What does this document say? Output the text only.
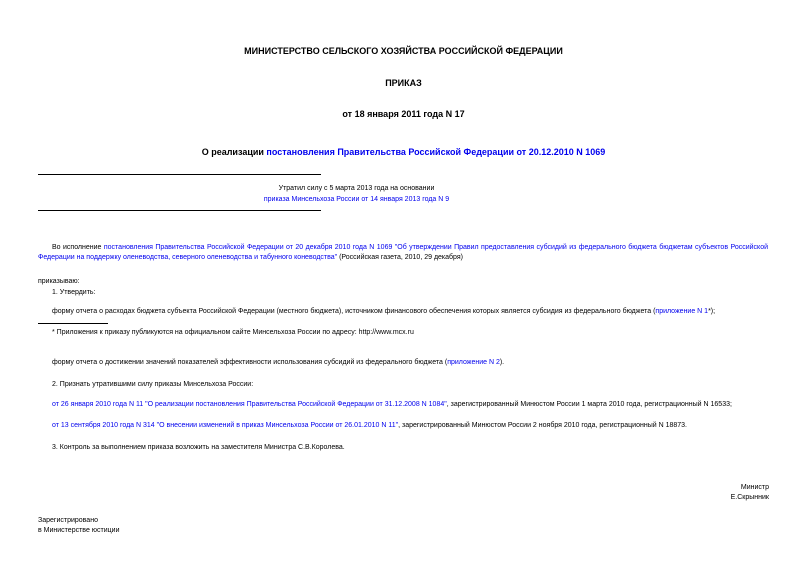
МИНИСТЕРСТВО СЕЛЬСКОГО ХОЗЯЙСТВА РОССИЙСКОЙ ФЕДЕРАЦИИ
ПРИКАЗ
от 18 января 2011 года N 17
О реализации постановления Правительства Российской Федерации от 20.12.2010 N 1069
Утратил силу с 5 марта 2013 года на основании
приказа Минсельхоза России от 14 января 2013 года N 9
Во исполнение постановления Правительства Российской Федерации от 20 декабря 2010 года N 1069 "Об утверждении Правил предоставления субсидий из федерального бюджета бюджетам субъектов Российской Федерации на поддержку оленеводства, северного оленеводства и табунного коневодства" (Российская газета, 2010, 29 декабря)
приказываю:
1. Утвердить:
форму отчета о расходах бюджета субъекта Российской Федерации (местного бюджета), источником финансового обеспечения которых является субсидия из федерального бюджета (приложение N 1*);
* Приложения к приказу публикуются на официальном сайте Минсельхоза России по адресу: http://www.mcx.ru
форму отчета о достижении значений показателей эффективности использования субсидий из федерального бюджета (приложение N 2).
2. Признать утратившими силу приказы Минсельхоза России:
от 26 января 2010 года N 11 "О реализации постановления Правительства Российской Федерации от 31.12.2008 N 1084", зарегистрированный Минюстом России 1 марта 2010 года, регистрационный N 16533;
от 13 сентября 2010 года N 314 "О внесении изменений в приказ Минсельхоза России от 26.01.2010 N 11", зарегистрированный Минюстом России 2 ноября 2010 года, регистрационный N 18873.
3. Контроль за выполнением приказа возложить на заместителя Министра С.В.Королева.
Министр
Е.Скрынник
Зарегистрировано
в Министерстве юстиции
